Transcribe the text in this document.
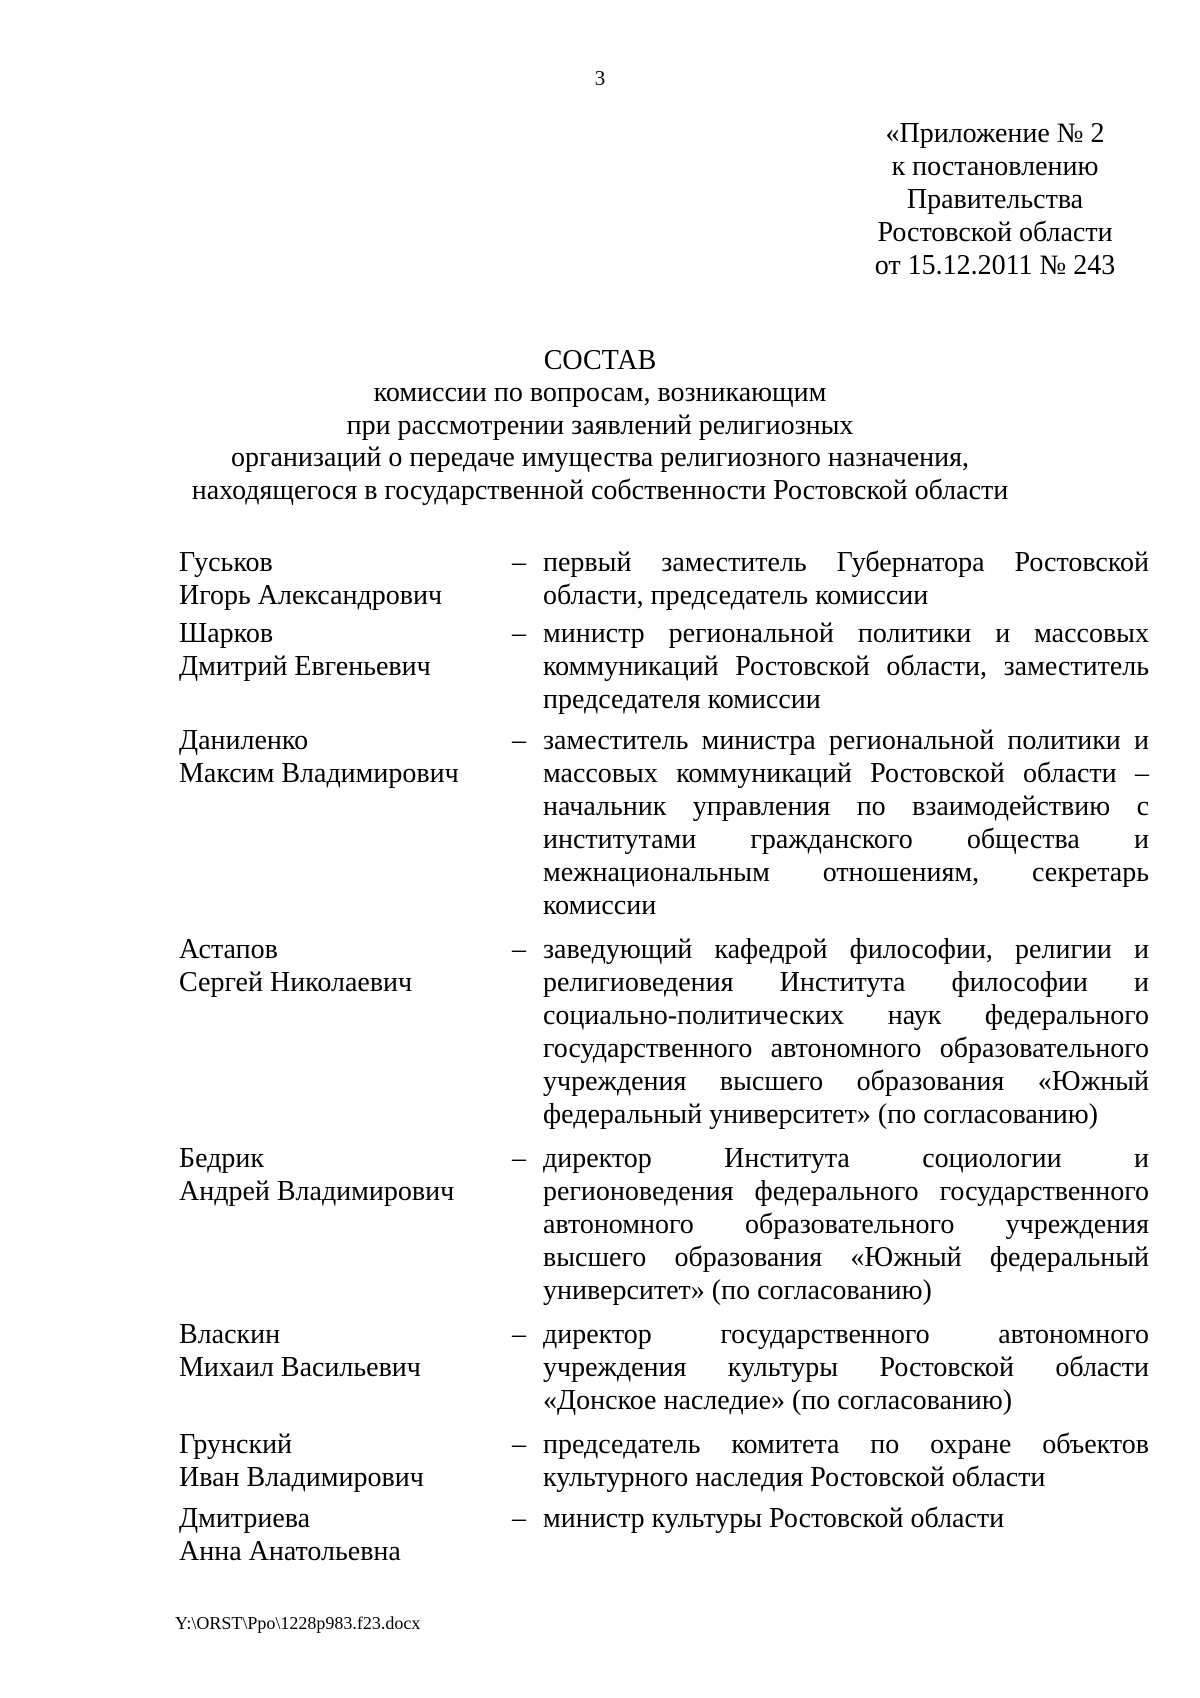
3
«Приложение № 2
к постановлению
Правительства
Ростовской области
от 15.12.2011 № 243
СОСТАВ
комиссии по вопросам, возникающим
при рассмотрении заявлений религиозных
организаций о передаче имущества религиозного назначения,
находящегося в государственной собственности Ростовской области
Гуськов
Игорь Александрович
– первый заместитель Губернатора Ростовской области, председатель комиссии
Шарков
Дмитрий Евгеньевич
– министр региональной политики и массовых коммуникаций Ростовской области, заместитель председателя комиссии
Даниленко
Максим Владимирович
– заместитель министра региональной политики и массовых коммуникаций Ростовской области – начальник управления по взаимодействию с институтами гражданского общества и межнациональным отношениям, секретарь комиссии
Астапов
Сергей Николаевич
– заведующий кафедрой философии, религии и религиоведения Института философии и социально-политических наук федерального государственного автономного образовательного учреждения высшего образования «Южный федеральный университет» (по согласованию)
Бедрик
Андрей Владимирович
– директор Института социологии и регионоведения федерального государственного автономного образовательного учреждения высшего образования «Южный федеральный университет» (по согласованию)
Власкин
Михаил Васильевич
– директор государственного автономного учреждения культуры Ростовской области «Донское наследие» (по согласованию)
Грунский
Иван Владимирович
– председатель комитета по охране объектов культурного наследия Ростовской области
Дмитриева
Анна Анатольевна
– министр культуры Ростовской области
Y:\ORST\Ppo\1228p983.f23.docx
